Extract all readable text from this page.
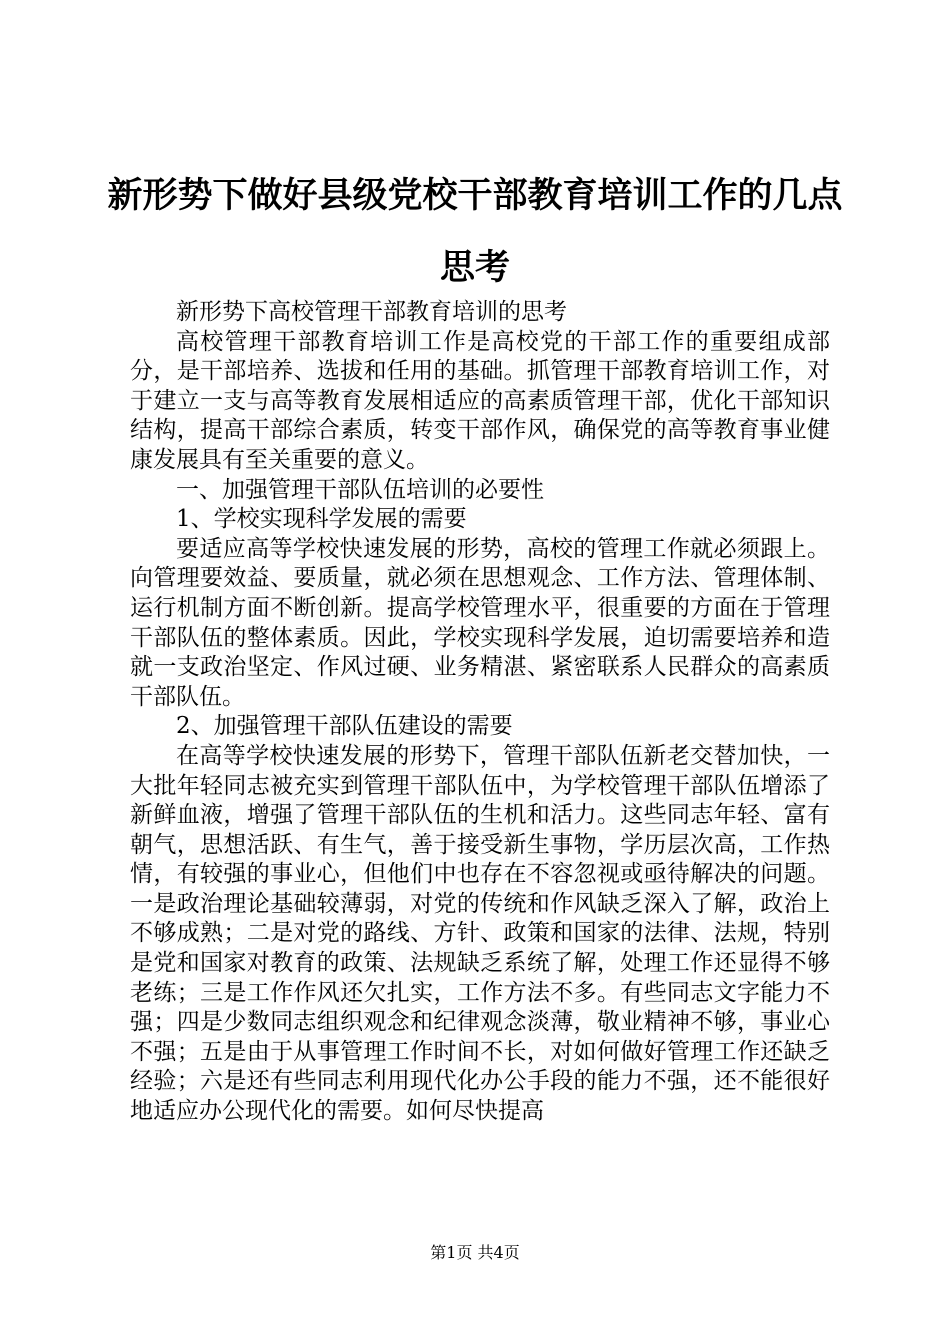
新形势下做好县级党校干部教育培训工作的几点思考

新形势下高校管理干部教育培训的思考

高校管理干部教育培训工作是高校党的干部工作的重要组成部分，是干部培养、选拔和任用的基础。抓管理干部教育培训工作，对于建立一支与高等教育发展相适应的高素质管理干部，优化干部知识结构，提高干部综合素质，转变干部作风，确保党的高等教育事业健康发展具有至关重要的意义。

一、加强管理干部队伍培训的必要性

1、学校实现科学发展的需要

要适应高等学校快速发展的形势，高校的管理工作就必须跟上。向管理要效益、要质量，就必须在思想观念、工作方法、管理体制、运行机制方面不断创新。提高学校管理水平，很重要的方面在于管理干部队伍的整体素质。因此，学校实现科学发展，迫切需要培养和造就一支政治坚定、作风过硬、业务精湛、紧密联系人民群众的高素质干部队伍。

2、加强管理干部队伍建设的需要

在高等学校快速发展的形势下，管理干部队伍新老交替加快，一大批年轻同志被充实到管理干部队伍中，为学校管理干部队伍增添了新鲜血液，增强了管理干部队伍的生机和活力。这些同志年轻、富有朝气，思想活跃、有生气，善于接受新生事物，学历层次高，工作热情，有较强的事业心，但他们中也存在不容忽视或亟待解决的问题。一是政治理论基础较薄弱，对党的传统和作风缺乏深入了解，政治上不够成熟；二是对党的路线、方针、政策和国家的法律、法规，特别是党和国家对教育的政策、法规缺乏系统了解，处理工作还显得不够老练；三是工作作风还欠扎实，工作方法不多。有些同志文字能力不强；四是少数同志组织观念和纪律观念淡薄，敬业精神不够，事业心不强；五是由于从事管理工作时间不长，对如何做好管理工作还缺乏经验；六是还有些同志利用现代化办公手段的能力不强，还不能很好地适应办公现代化的需要。如何尽快提高

第1页 共4页
